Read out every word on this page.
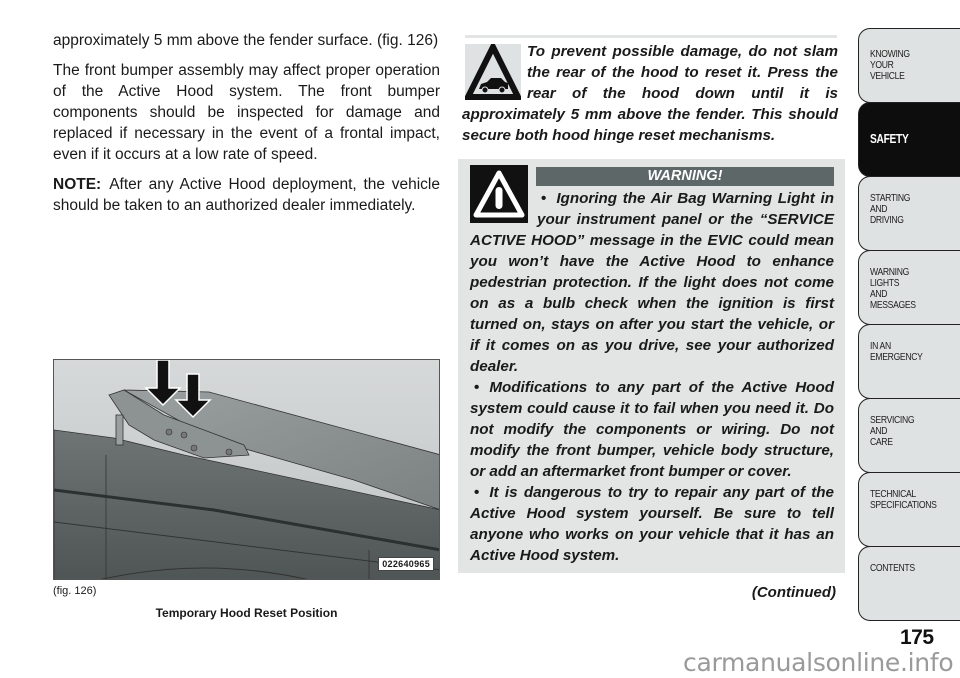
approximately 5 mm above the fender surface. (fig. 126)

The front bumper assembly may affect proper operation of the Active Hood system. The front bumper components should be inspected for damage and replaced if necessary in the event of a frontal impact, even if it occurs at a low rate of speed.

NOTE: After any Active Hood deployment, the vehicle should be taken to an authorized dealer immediately.

022640965
(fig. 126)
Temporary Hood Reset Position
To prevent possible damage, do not slam the rear of the hood to reset it. Press the rear of the hood down until it is approximately 5 mm above the fender. This should secure both hood hinge reset mechanisms.
WARNING!
• Ignoring the Air Bag Warning Light in your instrument panel or the “SERVICE ACTIVE HOOD” message in the EVIC could mean you won’t have the Active Hood to enhance pedestrian protection. If the light does not come on as a bulb check when the ignition is first turned on, stays on after you start the vehicle, or if it comes on as you drive, see your authorized dealer.
• Modifications to any part of the Active Hood system could cause it to fail when you need it. Do not modify the components or wiring. Do not modify the front bumper, vehicle body structure, or add an aftermarket front bumper or cover.
• It is dangerous to try to repair any part of the Active Hood system yourself. Be sure to tell anyone who works on your vehicle that it has an Active Hood system.
(Continued)
KNOWING
YOUR
VEHICLE
SAFETY
STARTING
AND
DRIVING
WARNING
LIGHTS
AND
MESSAGES
IN AN
EMERGENCY
SERVICING
AND
CARE
TECHNICAL
SPECIFICATIONS
CONTENTS
175
carmanualsonline.info
